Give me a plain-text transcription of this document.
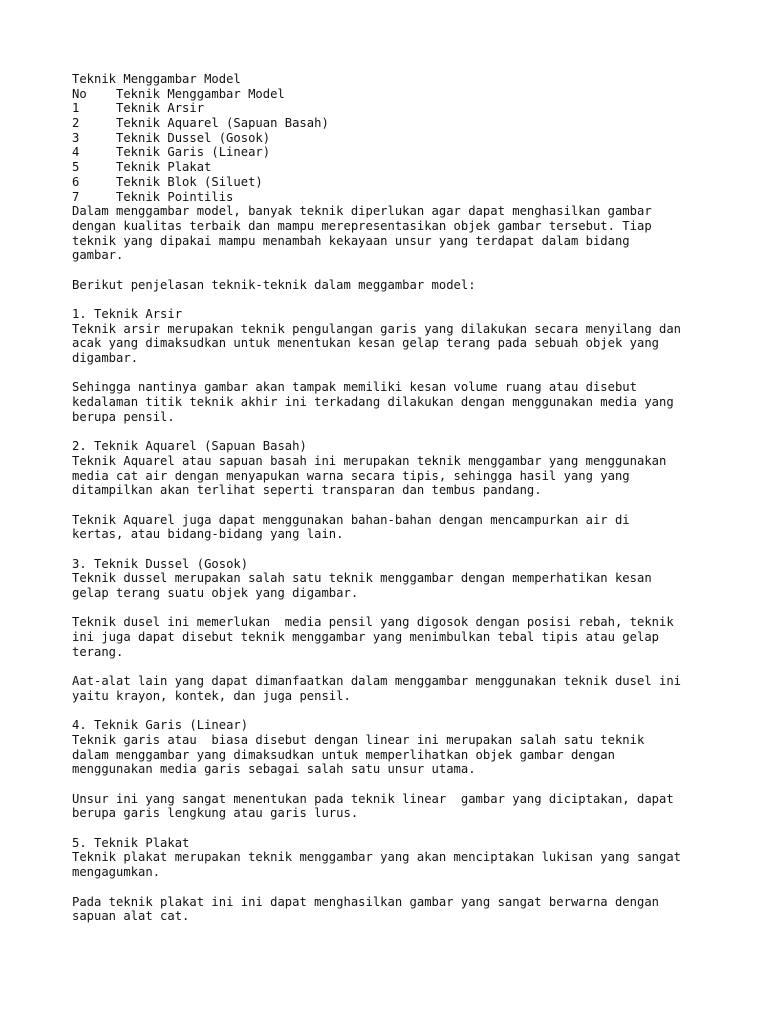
Teknik Menggambar Model
No	Teknik Menggambar Model
1	Teknik Arsir
2	Teknik Aquarel (Sapuan Basah)
3	Teknik Dussel (Gosok)
4	Teknik Garis (Linear)
5	Teknik Plakat
6	Teknik Blok (Siluet)
7	Teknik Pointilis
Dalam menggambar model, banyak teknik diperlukan agar dapat menghasilkan gambar
dengan kualitas terbaik dan mampu merepresentasikan objek gambar tersebut. Tiap
teknik yang dipakai mampu menambah kekayaan unsur yang terdapat dalam bidang
gambar.
Berikut penjelasan teknik-teknik dalam meggambar model:
1. Teknik Arsir
Teknik arsir merupakan teknik pengulangan garis yang dilakukan secara menyilang dan
acak yang dimaksudkan untuk menentukan kesan gelap terang pada sebuah objek yang
digambar.
Sehingga nantinya gambar akan tampak memiliki kesan volume ruang atau disebut
kedalaman titik teknik akhir ini terkadang dilakukan dengan menggunakan media yang
berupa pensil.
2. Teknik Aquarel (Sapuan Basah)
Teknik Aquarel atau sapuan basah ini merupakan teknik menggambar yang menggunakan
media cat air dengan menyapukan warna secara tipis, sehingga hasil yang yang
ditampilkan akan terlihat seperti transparan dan tembus pandang.
Teknik Aquarel juga dapat menggunakan bahan-bahan dengan mencampurkan air di
kertas, atau bidang-bidang yang lain.
3. Teknik Dussel (Gosok)
Teknik dussel merupakan salah satu teknik menggambar dengan memperhatikan kesan
gelap terang suatu objek yang digambar.
Teknik dusel ini memerlukan  media pensil yang digosok dengan posisi rebah, teknik
ini juga dapat disebut teknik menggambar yang menimbulkan tebal tipis atau gelap
terang.
Aat-alat lain yang dapat dimanfaatkan dalam menggambar menggunakan teknik dusel ini
yaitu krayon, kontek, dan juga pensil.
4. Teknik Garis (Linear)
Teknik garis atau  biasa disebut dengan linear ini merupakan salah satu teknik
dalam menggambar yang dimaksudkan untuk memperlihatkan objek gambar dengan
menggunakan media garis sebagai salah satu unsur utama.
Unsur ini yang sangat menentukan pada teknik linear  gambar yang diciptakan, dapat
berupa garis lengkung atau garis lurus.
5. Teknik Plakat
Teknik plakat merupakan teknik menggambar yang akan menciptakan lukisan yang sangat
mengagumkan.
Pada teknik plakat ini ini dapat menghasilkan gambar yang sangat berwarna dengan
sapuan alat cat.
